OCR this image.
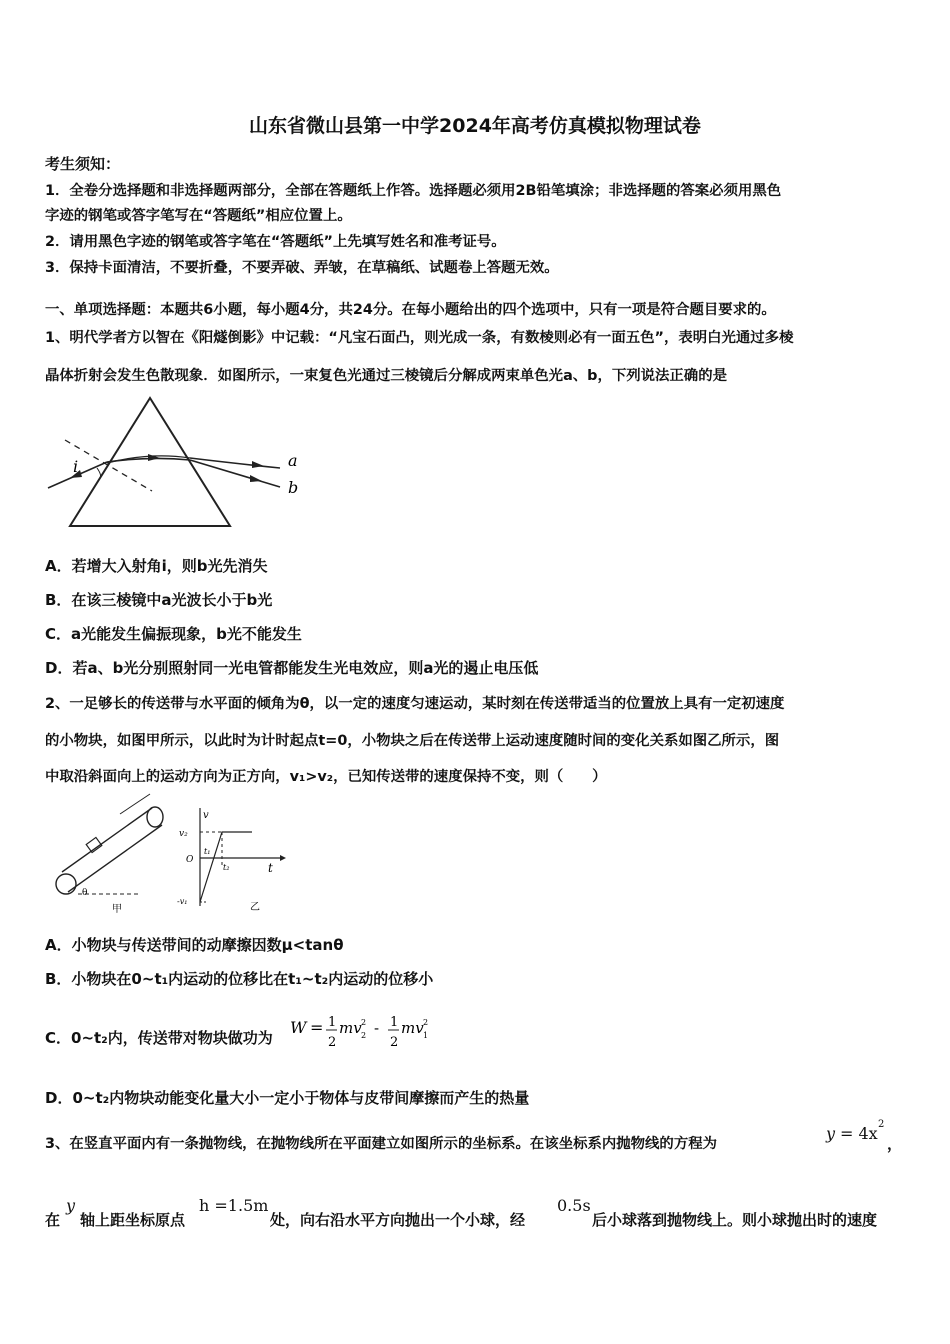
山东省微山县第一中学2024年高考仿真模拟物理试卷
考生须知：
1．全卷分选择题和非选择题两部分，全部在答题纸上作答。选择题必须用2B铅笔填涂；非选择题的答案必须用黑色
字迹的钢笔或答字笔写在“答题纸”相应位置上。
2．请用黑色字迹的钢笔或答字笔在“答题纸”上先填写姓名和准考证号。
3．保持卡面清洁，不要折叠，不要弄破、弄皱，在草稿纸、试题卷上答题无效。
一、单项选择题：本题共6小题，每小题4分，共24分。在每小题给出的四个选项中，只有一项是符合题目要求的。
1、明代学者方以智在《阳燧倒影》中记载：“凡宝石面凸，则光成一条，有数棱则必有一面五色”，表明白光通过多棱
晶体折射会发生色散现象．如图所示，一束复色光通过三棱镜后分解成两束单色光a、b，下列说法正确的是
i	a
b
A．若增大入射角i，则b光先消失
B．在该三棱镜中a光波长小于b光
C．a光能发生偏振现象，b光不能发生
D．若a、b光分别照射同一光电管都能发生光电效应，则a光的遏止电压低
2、一足够长的传送带与水平面的倾角为θ，以一定的速度匀速运动，某时刻在传送带适当的位置放上具有一定初速度
的小物块，如图甲所示，以此时为计时起点t=0，小物块之后在传送带上运动速度随时间的变化关系如图乙所示，图
中取沿斜面向上的运动方向为正方向，v₁>v₂，已知传送带的速度保持不变，则（　　）
θ
甲
v
t
v₂
O
t₁
t₂
-v₁
乙
A．小物块与传送带间的动摩擦因数μ<tanθ
B．小物块在0~t₁内运动的位移比在t₁~t₂内运动的位移小
C．0~t₂内，传送带对物块做功为
W = 1
2
mv 2
2 - 1
2
mv 1
2
D．0~t₂内物块动能变化量大小一定小于物体与皮带间摩擦而产生的热量
3、在竖直平面内有一条抛物线，在抛物线所在平面建立如图所示的坐标系。在该坐标系内抛物线的方程为
y = 4x 2
，
在
y
轴上距坐标原点
h =1.5m
处，向右沿水平方向抛出一个小球，经
0.5s
后小球落到抛物线上。则小球抛出时的速度
